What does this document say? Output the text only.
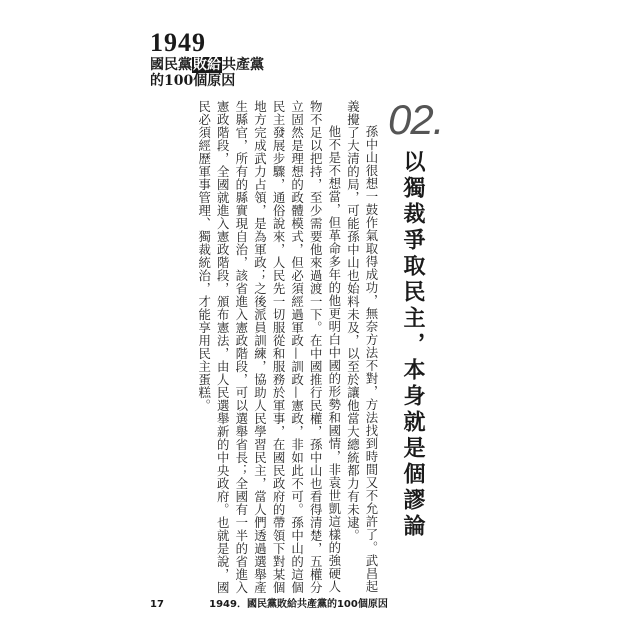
1949
國民黨敗給共產黨
的100個原因
02.
以獨裁爭取民主，本身就是個謬論

孫中山很想一鼓作氣取得成功，無奈方法不對，方法找到時間又不允許了。武昌起義攪了大清的局，可能孫中山也始料未及，以至於讓他當大總統都力有未逮。

他不是不想當，但革命多年的他更明白中國的形勢和國情，非袁世凱這樣的強硬人物不足以把持，至少需要他來過渡一下。在中國推行民權，孫中山也看得清楚，五權分立固然是理想的政體模式，但必須經過軍政—訓政—憲政，非如此不可。孫中山的這個民主發展步驟，通俗說來，人民先一切服從和服務於軍事，在國民政府的帶領下對某個地方完成武力占領，是為軍政；之後派員訓練，協助人民學習民主，當人們透過選舉產生縣官，所有的縣實現自治，該省進入憲政階段，可以選舉省長；全國有一半的省進入憲政階段，全國就進入憲政階段，頒布憲法，由人民選舉新的中央政府。也就是說，國民必須經歷軍事管理、獨裁統治，才能享用民主蛋糕。

17	1949．國民黨敗給共產黨的100個原因
